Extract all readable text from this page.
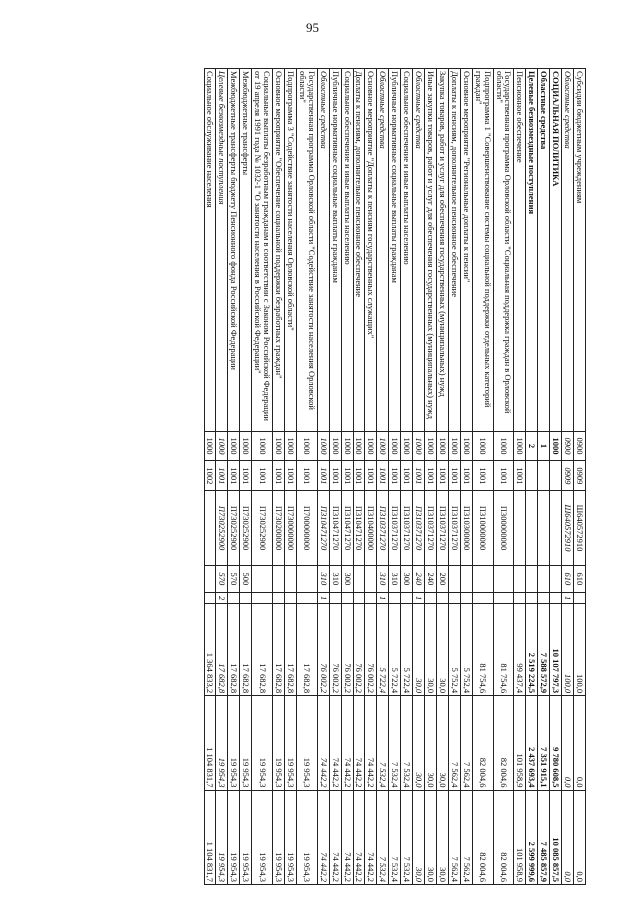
95
Субсидии бюджетным учреждениям	0900	0909	Ш640572910	610		100,0	0,0	0,0
Областные средства	0900	0909	Ш640572910	610	1	100,0	0,0	0,0
СОЦИАЛЬНАЯ ПОЛИТИКА	1000					10 107 797,3	9 780 608,5	10 085 857,5
Областные средства	1					7 588 572,9	7 351 915,1	7 485 857,9
Целевые безвозмездные поступления	2					2 519 224,5	2 437 693,4	2 599 999,6
Пенсионное обеспечение	1000	1001				99 437,4	101 958,9	101 958,9
Государственная программа Орловской области "Социальная поддержка граждан в Орловской области"	1000	1001	П300000000			81 754,6	82 004,6	82 004,6
Подпрограмма 1 "Совершенствование системы социальной поддержки отдельных категорий граждан"	1000	1001	П310000000			81 754,6	82 004,6	82 004,6
Основное мероприятие "Региональные доплаты к пенсии"	1000	1001	П310300000			5 752,4	7 562,4	7 562,4
Доплаты к пенсиям, дополнительное пенсионное обеспечение	1000	1001	П310371270			5 752,4	7 562,4	7 562,4
Закупка товаров, работ и услуг для обеспечения государственных (муниципальных) нужд	1000	1001	П310371270	200		30,0	30,0	30,0
Иные закупки товаров, работ и услуг для обеспечения государственных (муниципальных) нужд	1000	1001	П310371270	240		30,0	30,0	30,0
Областные средства	1000	1001	П310371270	240	1	30,0	30,0	30,0
Социальное обеспечение и иные выплаты населению	1000	1001	П310371270	300		5 722,4	7 532,4	7 532,4
Публичные нормативные социальные выплаты гражданам	1000	1001	П310371270	310		5 722,4	7 532,4	7 532,4
Областные средства	1000	1001	П310371270	310	1	5 722,4	7 532,4	7 532,4
Основное мероприятие "Доплаты к пенсиям государственных служащих"	1000	1001	П310400000			76 002,2	74 442,2	74 442,2
Доплаты к пенсиям, дополнительное пенсионное обеспечение	1000	1001	П310471270			76 002,2	74 442,2	74 442,2
Социальное обеспечение и иные выплаты населению	1000	1001	П310471270	300		76 002,2	74 442,2	74 442,2
Публичные нормативные социальные выплаты гражданам	1000	1001	П310471270	310		76 002,2	74 442,2	74 442,2
Областные средства	1000	1001	П310471270	310	1	76 002,2	74 442,2	74 442,2
Государственная программа Орловской области "Содействие занятости населения Орловской области"	1000	1001	П700000000			17 682,8	19 954,3	19 954,3
Подпрограмма 3 "Содействие занятости населения Орловской области"	1000	1001	П730000000			17 682,8	19 954,3	19 954,3
Основное мероприятие "Обеспечение социальной поддержки безработных граждан"	1000	1001	П730200000			17 682,8	19 954,3	19 954,3
Социальные выплаты безработным гражданам в соответствии с Законом Российской Федерации от 19 апреля 1991 года № 1032-1 "О занятости населения в Российской Федерации"	1000	1001	П730252900			17 682,8	19 954,3	19 954,3
Межбюджетные трансферты	1000	1001	П730252900	500		17 682,8	19 954,3	19 954,3
Межбюджетные трансферты бюджету Пенсионного фонда Российской Федерации	1000	1001	П730252900	570		17 682,8	19 954,3	19 954,3
Целевые безвозмездные поступления	1000	1001	П730252900	570	2	17 682,8	19 954,3	19 954,3
Социальное обслуживание населения	1000	1002				1 364 833,2	1 104 831,7	1 104 831,7
